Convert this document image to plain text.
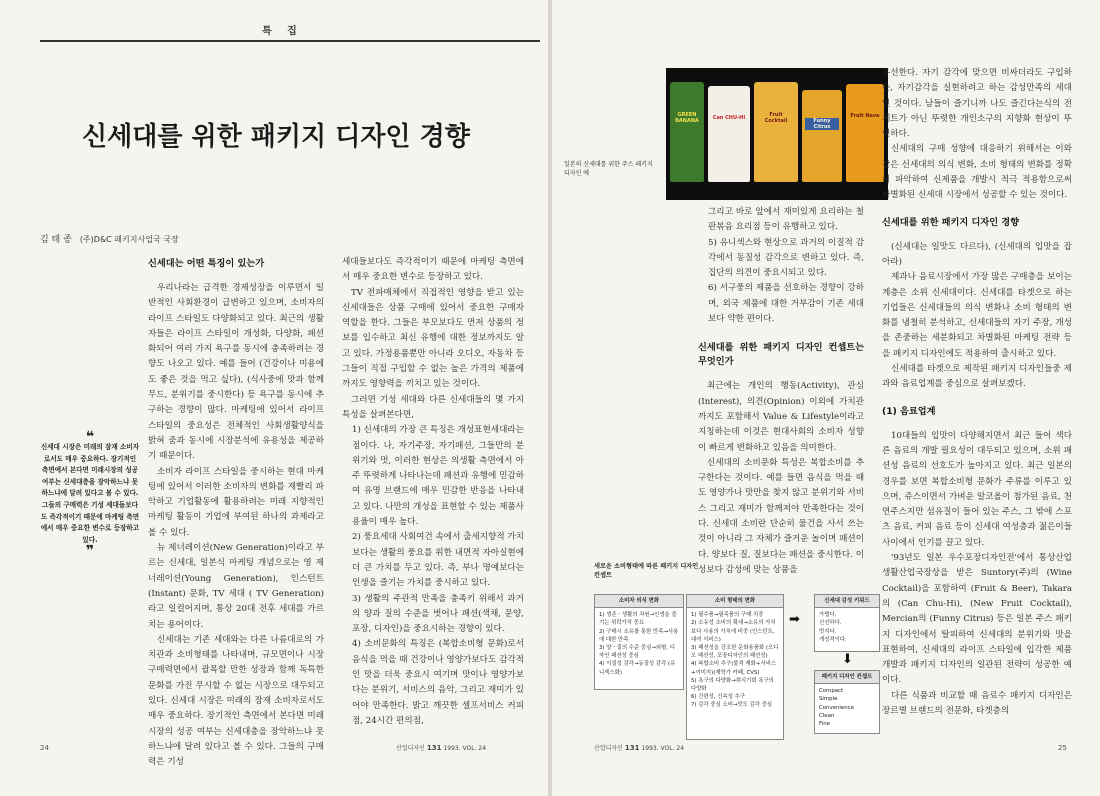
특 집
신세대를 위한 패키지 디자인 경향
김 태 종 (주)D&C 패키지사업국 국장
❝
신세대 시장은 미래의 잠재 소비자로서도 매우 중요하다. 장기적인 측면에서 본다면 미래시장의 성공 여부는 신세대층을 장악하느냐 못하느냐에 달려 있다고 볼 수 있다. 그들의 구매력은 기성 세대들보다도 즉각적이기 때문에 마케팅 측면에서 매우 중요한 변수로 등장하고 있다.
❞

신세대는 어떤 특징이 있는가

우리나라는 급격한 경제성장을 이루면서 일반적인 사회환경이 급변하고 있으며, 소비자의 라이프 스타일도 다양화되고 있다. 최근의 생활자들은 라이프 스타일이 개성화, 다양화, 패션화되어 여러 가지 욕구를 동시에 충족하려는 경향도 나오고 있다. 예를 들어 (건강이나 미용에도 좋은 것을 먹고 싶다), (식사중에 맛과 함께 무드, 분위기를 중시한다) 등 욕구를 동시에 추구하는 경향이 많다. 마케팅에 있어서 라이프 스타일의 중요성은 전체적인 사회생활양식을 밝혀 줌과 동시에 시장분석에 유용성을 제공하기 때문이다.

소비자 라이프 스타일을 중시하는 현대 마케팅에 있어서 이러한 소비자의 변화를 재빨리 파악하고 기업활동에 활용하려는 미래 지향적인 마케팅 활동이 기업에 부여된 하나의 과제라고 볼 수 있다.

뉴 제너레이션(New Generation)이라고 부르는 신세대, 일본식 마케팅 개념으로는 영 제너레이션(Young Generation), 인스턴트(Instant) 문화, TV 세대 ( TV Generation)라고 일컬어지며, 통상 20대 전후 세대를 가르치는 용어이다.

신세대는 기존 세대와는 다른 나름대로의 가치관과 소비형태를 나타내며, 규모면이나 시장구매력면에서 괄목할 만한 성장과 함께 독특한 문화를 가진 무시할 수 없는 시장으로 대두되고 있다. 신세대 시장은 미래의 잠재 소비자로서도 매우 중요하다. 장기적인 측면에서 본다면 미래시장의 성공 여부는 신세대층을 장악하느냐 못하느냐에 달려 있다고 볼 수 있다. 그들의 구매력은 기성

세대들보다도 즉각적이기 때문에 마케팅 측면에서 매우 중요한 변수로 등장하고 있다.

TV 전파매체에서 직접적인 영향을 받고 있는 신세대들은 상품 구매에 있어서 중요한 구매자 역할을 한다. 그들은 부모보다도 먼저 상품의 정보를 입수하고 최신 유행에 대한 정보까지도 알고 있다. 가정용품뿐만 아니라 오디오, 자동차 등 그들이 직접 구입할 수 없는 높은 가격의 제품에까지도 영향력을 끼치고 있는 것이다.

그러면 기성 세대와 다른 신세대들의 몇 가지 특성을 살펴본다면,

1) 신세대의 가장 큰 특징은 개성표현세대라는 점이다. 나, 자기주장, 자기패션, 그들만의 분위기와 멋, 이러한 현상은 의생활 측면에서 아주 뚜렷하게 나타나는데 패션과 유행에 민감하여 유명 브랜드에 매우 민감한 반응을 나타내고 있다. 나만의 개성을 표현할 수 있는 제품사용율이 매우 높다.

2) 풍요세대 사회여건 속에서 출세지향적 가치보다는 생활의 풍요를 위한 내면적 자아실현에 더 큰 가치를 두고 있다. 즉, 부나 명예보다는 인생을 즐기는 가치를 중시하고 있다.

3) 생활의 주관적 만족을 충족키 위해서 과거의 양과 질의 수준을 벗어나 패션(색채, 문양, 포장, 디자인)을 중요시하는 경향이 있다.

4) 소비문화의 특징은 (복합소비형 문화)로서 음식을 먹을 때 건강이나 영양가보다도 감각적인 맛을 더욱 중요시 여기며 맛이나 영양가보다는 분위기, 서비스의 음악, 그리고 재미가 있어야 만족한다. 밝고 깨끗한 셀프서비스 커피점, 24시간 편의점,

24	산업디자인 131 1993. VOL. 24
GREEN BANANA
Can CHU-HI	Fruit Cocktail	Funny Citrus
Fruit Nave
일본의 신세대를 위한 주스 패키지 디자인 예

그리고 바로 앞에서 재미있게 요리하는 철판볶음 요리점 등이 유행하고 있다.

5) 유니섹스와 현상으로 과거의 이질적 감각에서 동질성 감각으로 변하고 있다. 즉, 집단의 의견이 중요시되고 있다.

6) 서구풍의 제품을 선호하는 경향이 강하며, 외국 제품에 대한 거부감이 기존 세대보다 약한 편이다.

신세대를 위한 패키지 디자인 컨셉트는 무엇인가

최근에는 개인의 행동(Activity), 관심(Interest), 의견(Opinion) 이외에 가치관까지도 포함해서 Value & Lifestyle이라고 지칭하는데 이것은 현대사회의 소비자 성향이 빠르게 변화하고 있음을 의미한다.

신세대의 소비문화 특성은 복합소비를 추구한다는 것이다. 예를 들면 음식을 먹을 때도 영양가나 맛만을 찾지 않고 분위기와 서비스 그리고 재미가 함께져야 만족한다는 것이다. 신세대 소비란 단순히 물건을 사서 쓰는 것이 아니라 그 자체가 즐거운 놀이며 패션이다. 양보다 질, 질보다는 패션을 중시한다. 이성보다 감성에 맞는 상품을

우선한다. 자기 감각에 맞으면 비싸더라도 구입하는, 자기감각을 실현하려고 하는 감성만족의 세대인 것이다. 남들이 즐기니까 나도 즐긴다는식의 전체트가 아닌 뚜렷한 개인소구의 지향화 현상이 뚜렷하다.

신세대의 구매 성향에 대응하기 위해서는 이와 같은 신세대의 의식 변화, 소비 형태의 변화를 정확히 파악하여 신제품을 개발시 적극 적용함으로써 차별화된 신세대 시장에서 성공할 수 있는 것이다.

신세대를 위한 패키지 디자인 경향

(신세대는 일맛도 다르다), (신세대의 입맛을 잡아라)

제과나 음료시장에서 가장 많은 구매층을 보이는 계층은 소위 신세대이다. 신세대를 타겟으로 하는 기업들은 신세대들의 의식 변화나 소비 형태의 변화를 냉철히 분석하고, 신세대들의 자기 주장, 개성을 존중하는 세분화되고 차별화된 마케팅 전략 등을 패키지 디자인에도 적용하여 출시하고 있다.

신세대를 타겟으로 제작된 패키지 디자인들중 제과와 음료업계를 중심으로 살펴보겠다.

(1) 음료업계

10대들의 입맛이 다양해지면서 최근 들어 색다른 음료의 개발 필요성이 대두되고 있으며, 소위 패션성 음료의 선호도가 높아지고 있다. 최근 일본의 경우를 보면 복합소비형 문화가 주류를 이루고 있으며, 쥬스이면서 가벼운 알코올이 첨가된 음료, 천연주스지만 섬유질이 들어 있는 주스, 그 밖에 스포츠 음료, 커피 음료 등이 신세대 여성층과 젊은이들 사이에서 인기를 끌고 있다.

'93년도 일본 우수포장디자인전'에서 통상산업 생활산업국장상을 받은 Suntory(주)의 (Wine Cocktail)을 포함하여 (Fruit & Beer), Takara의 (Can Chu-Hi), (New Fruit Cocktail), Mercian의 (Funny Citrus) 등은 일본 주스 패키지 디자인에서 탈피하여 신세대의 분위기와 맛을 표현하여, 신세대의 라이프 스타일에 입각한 제품 개발과 패키지 디자인의 일관된 전략이 성공한 예이다.

다른 식품과 비교할 때 음료수 패키지 디자인은 장르별 브랜드의 전문화, 타겟층의

새로운 소비형태에 따른 패키지 디자인 컨셉트
소비자 의식 변화
1) 생존ㆍ생활의 차원→인생을 즐기는 위락가치 중요
2) 구매시 소유를 통한 만족→사용에 대한 만족
3) 양ㆍ질의 수준 중심→외형, 디자인 패션성 중심
4) 이질성 감각→동질성 감각 (유니섹스화)
소비 형태의 변화
1) 필수품→필족품의 구매 치중
2) 소유성 소비의 확대→소유의 가치보다 사용의 가치에 비중 (인스턴트, 대여 서비스)
3) 패션성을 강조한 문화용품화 (오디오 패션성, 포장디자인의 패션성)
4) 복합소비 추구(물적 재화+서비스+이미지)(재학가 카페, CVS)
5) 욕구의 다양화→취식기회 욕구의 다양화
6) 간편성, 신속성 추구
7) 감각 중심 소비→맛도 감각 중심
➡
신세대 감성 키워드
가볍다.
신선하다.
멋지다.
개성적이다.
⬇
패키지 디자인 컨셉트
Compact
Simple
Convenience
Clean
Fine
산업디자인 131 1993. VOL. 24	25
